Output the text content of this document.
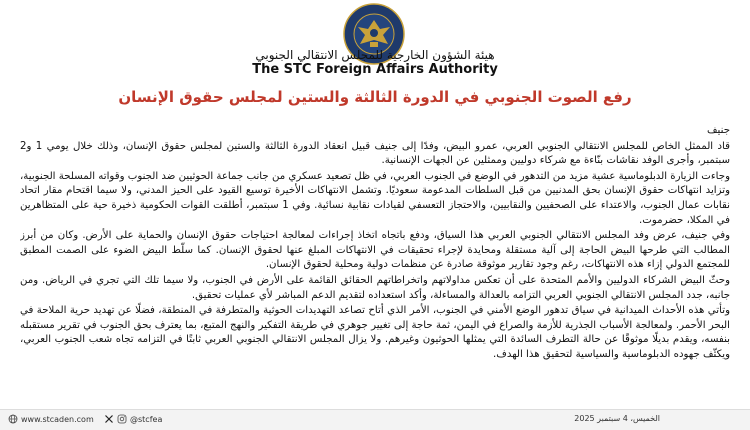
هيئة الشؤون الخارجية للمجلس الانتقالي الجنوبي
The STC Foreign Affairs Authority
رفع الصوت الجنوبي في الدورة الثالثة والستين لمجلس حقوق الإنسان

جنيف

قاد الممثل الخاص للمجلس الانتقالي الجنوبي العربي، عمرو البيض، وفدًا إلى جنيف قبيل انعقاد الدورة الثالثة والستين لمجلس حقوق الإنسان، وذلك خلال يومي 1 و2 سبتمبر، وأجرى الوفد نقاشات بنّاءة مع شركاء دوليين وممثلين عن الجهات الإنسانية.

وجاءت الزيارة الدبلوماسية عشية مزيد من التدهور في الوضع في الجنوب العربي، في ظل تصعيد عسكري من جانب جماعة الحوثيين ضد الجنوب وقواته المسلحة الجنوبية، وتزايد انتهاكات حقوق الإنسان بحق المدنيين من قبل السلطات المدعومة سعوديًا. وتشمل الانتهاكات الأخيرة توسيع القيود على الحيز المدني، ولا سيما اقتحام مقار اتحاد نقابات عمال الجنوب، والاعتداء على الصحفيين والنقابيين، والاحتجاز التعسفي لقيادات نقابية نسائية. وفي 1 سبتمبر، أطلقت القوات الحكومية ذخيرة حية على المتظاهرين في المكلا، حضرموت.

وفي جنيف، عرض وفد المجلس الانتقالي الجنوبي العربي هذا السياق، ودفع باتجاه اتخاذ إجراءات لمعالجة احتياجات حقوق الإنسان والحماية على الأرض. وكان من أبرز المطالب التي طرحها البيض الحاجة إلى آلية مستقلة ومحايدة لإجراء تحقيقات في الانتهاكات المبلغ عنها لحقوق الإنسان. كما سلّط البيض الضوء على الصمت المطبق للمجتمع الدولي إزاء هذه الانتهاكات، رغم وجود تقارير موثوقة صادرة عن منظمات دولية ومحلية لحقوق الإنسان.

وحثّ البيض الشركاء الدوليين والأمم المتحدة على أن تعكس مداولاتهم واتخراطاتهم الحقائق القائمة على الأرض في الجنوب، ولا سيما تلك التي تجري في الرياض. ومن جانبه، جدد المجلس الانتقالي الجنوبي العربي التزامه بالعدالة والمساءلة، وأكد استعداده لتقديم الدعم المباشر لأي عمليات تحقيق.

وتأتي هذه الأحداث الميدانية في سياق تدهور الوضع الأمني في الجنوب، الأمر الذي أتاح تصاعد التهديدات الحوثية والمتطرفة في المنطقة، فضلًا عن تهديد حرية الملاحة في البحر الأحمر. ولمعالجة الأسباب الجذرية للأزمة والصراع في اليمن، ثمة حاجة إلى تغيير جوهري في طريقة التفكير والنهج المتبع، بما يعترف بحق الجنوب في تقرير مستقبله بنفسه، ويقدم بديلًا موثوقًا عن حالة التطرف السائدة التي يمثلها الحوثيون وغيرهم. ولا يزال المجلس الانتقالي الجنوبي العربي ثابتًا في التزامه تجاه شعب الجنوب العربي، ويكثّف جهوده الدبلوماسية والسياسية لتحقيق هذا الهدف.

www.stcaden.com	@stcfea	الخميس، 4 سبتمبر 2025
